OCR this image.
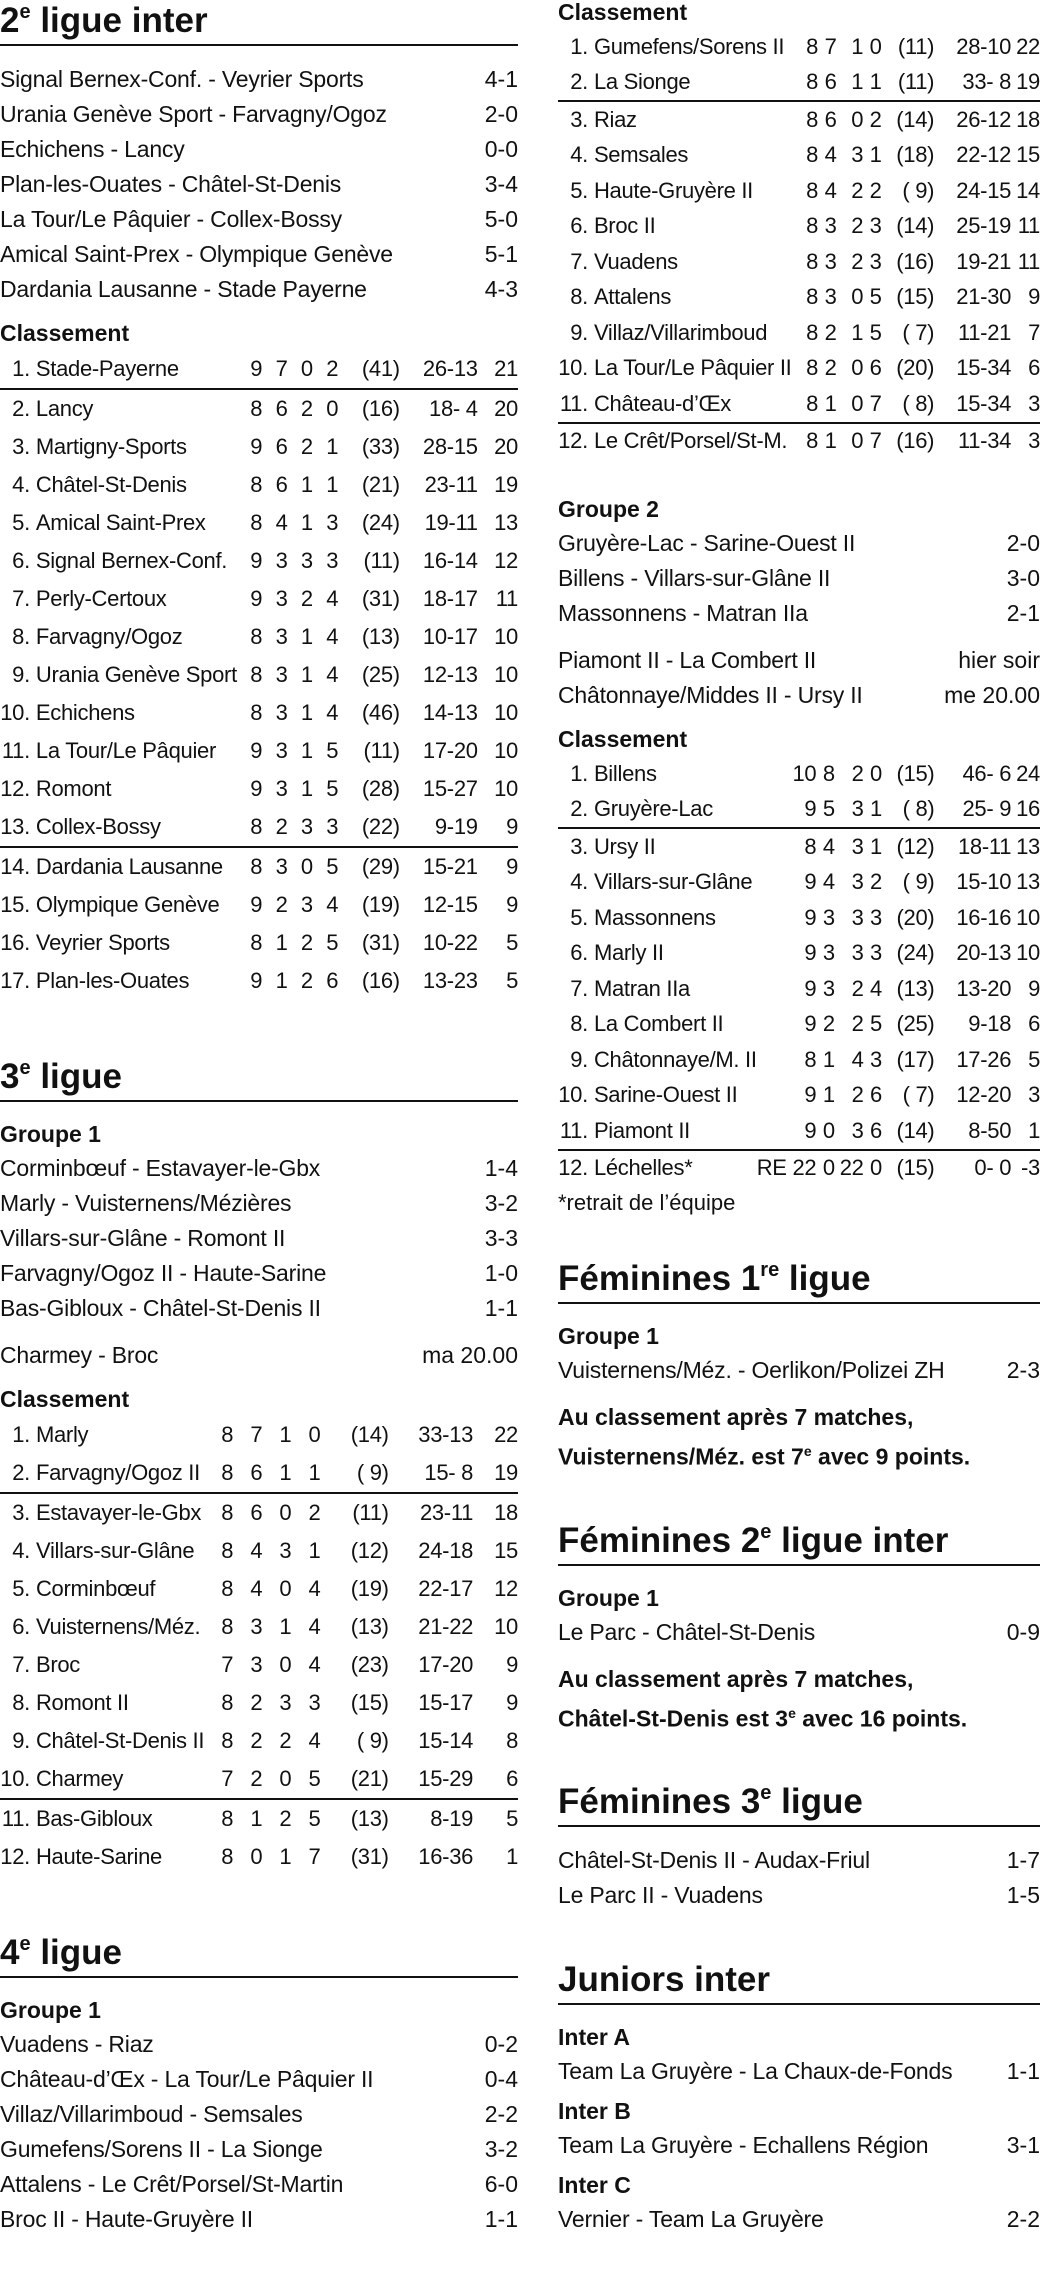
2e ligue inter
Signal Bernex-Conf. - Veyrier Sports	4-1
Urania Genève Sport - Farvagny/Ogoz	2-0
Echichens - Lancy	0-0
Plan-les-Ouates - Châtel-St-Denis	3-4
La Tour/Le Pâquier - Collex-Bossy	5-0
Amical Saint-Prex - Olympique Genève	5-1
Dardania Lausanne - Stade Payerne	4-3
Classement
1.	Stade-Payerne	9	7	0	2	(41)	26-13	21
2.	Lancy	8	6	2	0	(16)	18- 4	20
3.	Martigny-Sports	9	6	2	1	(33)	28-15	20
4.	Châtel-St-Denis	8	6	1	1	(21)	23-11	19
5.	Amical Saint-Prex	8	4	1	3	(24)	19-11	13
6.	Signal Bernex-Conf.	9	3	3	3	(11)	16-14	12
7.	Perly-Certoux	9	3	2	4	(31)	18-17	11
8.	Farvagny/Ogoz	8	3	1	4	(13)	10-17	10
9.	Urania Genève Sport	8	3	1	4	(25)	12-13	10
10.	Echichens	8	3	1	4	(46)	14-13	10
11.	La Tour/Le Pâquier	9	3	1	5	(11)	17-20	10
12.	Romont	9	3	1	5	(28)	15-27	10
13.	Collex-Bossy	8	2	3	3	(22)	9-19	9
14.	Dardania Lausanne	8	3	0	5	(29)	15-21	9
15.	Olympique Genève	9	2	3	4	(19)	12-15	9
16.	Veyrier Sports	8	1	2	5	(31)	10-22	5
17.	Plan-les-Ouates	9	1	2	6	(16)	13-23	5
3e ligue
Groupe 1
Corminbœuf - Estavayer-le-Gbx	1-4
Marly - Vuisternens/Mézières	3-2
Villars-sur-Glâne - Romont II	3-3
Farvagny/Ogoz II - Haute-Sarine	1-0
Bas-Gibloux - Châtel-St-Denis II	1-1
Charmey - Broc	ma 20.00
Classement
1.	Marly	8	7	1	0	(14)	33-13	22
2.	Farvagny/Ogoz II	8	6	1	1	( 9)	15- 8	19
3.	Estavayer-le-Gbx	8	6	0	2	(11)	23-11	18
4.	Villars-sur-Glâne	8	4	3	1	(12)	24-18	15
5.	Corminbœuf	8	4	0	4	(19)	22-17	12
6.	Vuisternens/Méz.	8	3	1	4	(13)	21-22	10
7.	Broc	7	3	0	4	(23)	17-20	9
8.	Romont II	8	2	3	3	(15)	15-17	9
9.	Châtel-St-Denis II	8	2	2	4	( 9)	15-14	8
10.	Charmey	7	2	0	5	(21)	15-29	6
11.	Bas-Gibloux	8	1	2	5	(13)	8-19	5
12.	Haute-Sarine	8	0	1	7	(31)	16-36	1
4e ligue
Groupe 1
Vuadens - Riaz	0-2
Château-d’Œx - La Tour/Le Pâquier II	0-4
Villaz/Villarimboud - Semsales	2-2
Gumefens/Sorens II - La Sionge	3-2
Attalens - Le Crêt/Porsel/St-Martin	6-0
Broc II - Haute-Gruyère II	1-1
Classement
1.	Gumefens/Sorens II	8	7	1	0	(11)	28-10	22
2.	La Sionge	8	6	1	1	(11)	33- 8	19
3.	Riaz	8	6	0	2	(14)	26-12	18
4.	Semsales	8	4	3	1	(18)	22-12	15
5.	Haute-Gruyère II	8	4	2	2	( 9)	24-15	14
6.	Broc II	8	3	2	3	(14)	25-19	11
7.	Vuadens	8	3	2	3	(16)	19-21	11
8.	Attalens	8	3	0	5	(15)	21-30	9
9.	Villaz/Villarimboud	8	2	1	5	( 7)	11-21	7
10.	La Tour/Le Pâquier II	8	2	0	6	(20)	15-34	6
11.	Château-d’Œx	8	1	0	7	( 8)	15-34	3
12.	Le Crêt/Porsel/St-M.	8	1	0	7	(16)	11-34	3
Groupe 2
Gruyère-Lac - Sarine-Ouest II	2-0
Billens - Villars-sur-Glâne II	3-0
Massonnens - Matran IIa	2-1
Piamont II - La Combert II	hier soir
Châtonnaye/Middes II - Ursy II	me 20.00
Classement
1.	Billens	10	8	2	0	(15)	46- 6	24
2.	Gruyère-Lac	9	5	3	1	( 8)	25- 9	16
3.	Ursy II	8	4	3	1	(12)	18-11	13
4.	Villars-sur-Glâne	9	4	3	2	( 9)	15-10	13
5.	Massonnens	9	3	3	3	(20)	16-16	10
6.	Marly II	9	3	3	3	(24)	20-13	10
7.	Matran IIa	9	3	2	4	(13)	13-20	9
8.	La Combert II	9	2	2	5	(25)	9-18	6
9.	Châtonnaye/M. II	8	1	4	3	(17)	17-26	5
10.	Sarine-Ouest II	9	1	2	6	( 7)	12-20	3
11.	Piamont II	9	0	3	6	(14)	8-50	1
12.	Léchelles*	RE 22	0	22	0	(15)	0- 0	-3
*retrait de l’équipe
Féminines 1re ligue
Groupe 1
Vuisternens/Méz. - Oerlikon/Polizei ZH	2-3
Au classement après 7 matches,
Vuisternens/Méz. est 7e avec 9 points.
Féminines 2e ligue inter
Groupe 1
Le Parc - Châtel-St-Denis	0-9
Au classement après 7 matches,
Châtel-St-Denis est 3e avec 16 points.
Féminines 3e ligue
Châtel-St-Denis II - Audax-Friul	1-7
Le Parc II - Vuadens	1-5
Juniors inter
Inter A
Team La Gruyère - La Chaux-de-Fonds 1-1
Inter B
Team La Gruyère - Echallens Région	3-1
Inter C
Vernier - Team La Gruyère	2-2
